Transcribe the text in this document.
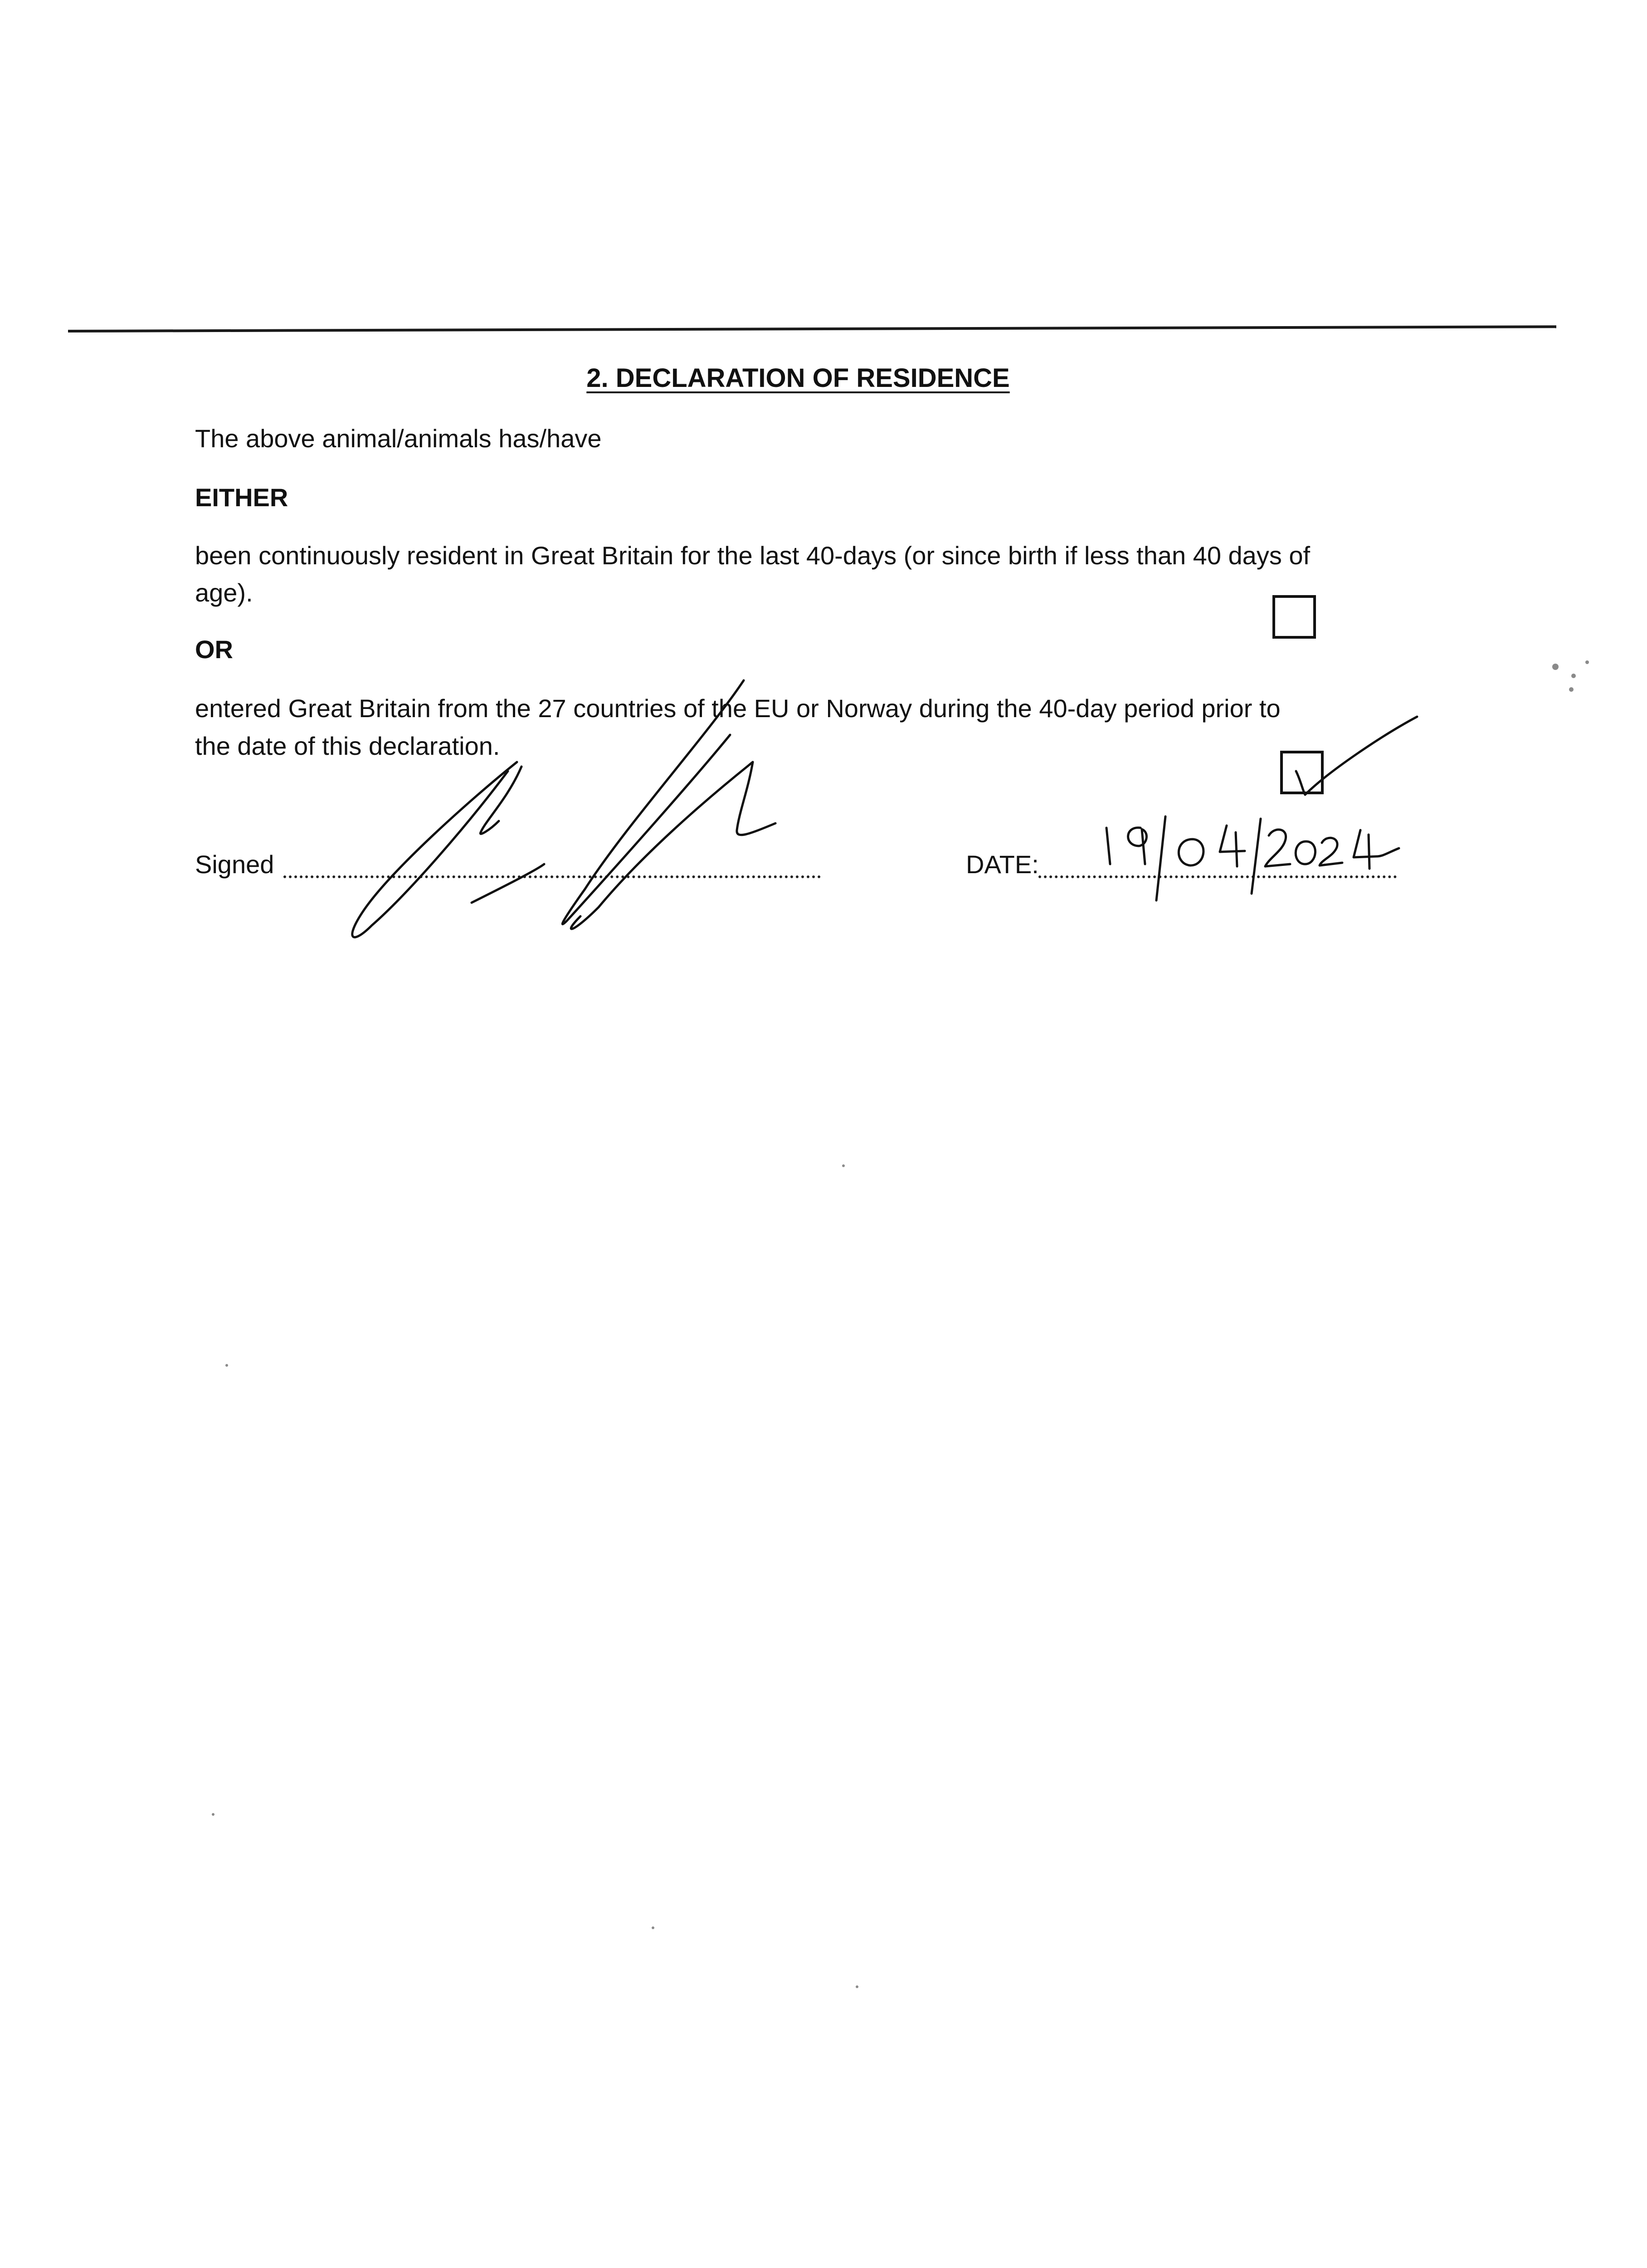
2. DECLARATION OF RESIDENCE
The above animal/animals has/have
EITHER
been continuously resident in Great Britain for the last 40-days (or since birth if less than 40 days of
age).
OR
entered Great Britain from the 27 countries of the EU or Norway during the 40-day period prior to
the date of this declaration.
Signed	DATE:
